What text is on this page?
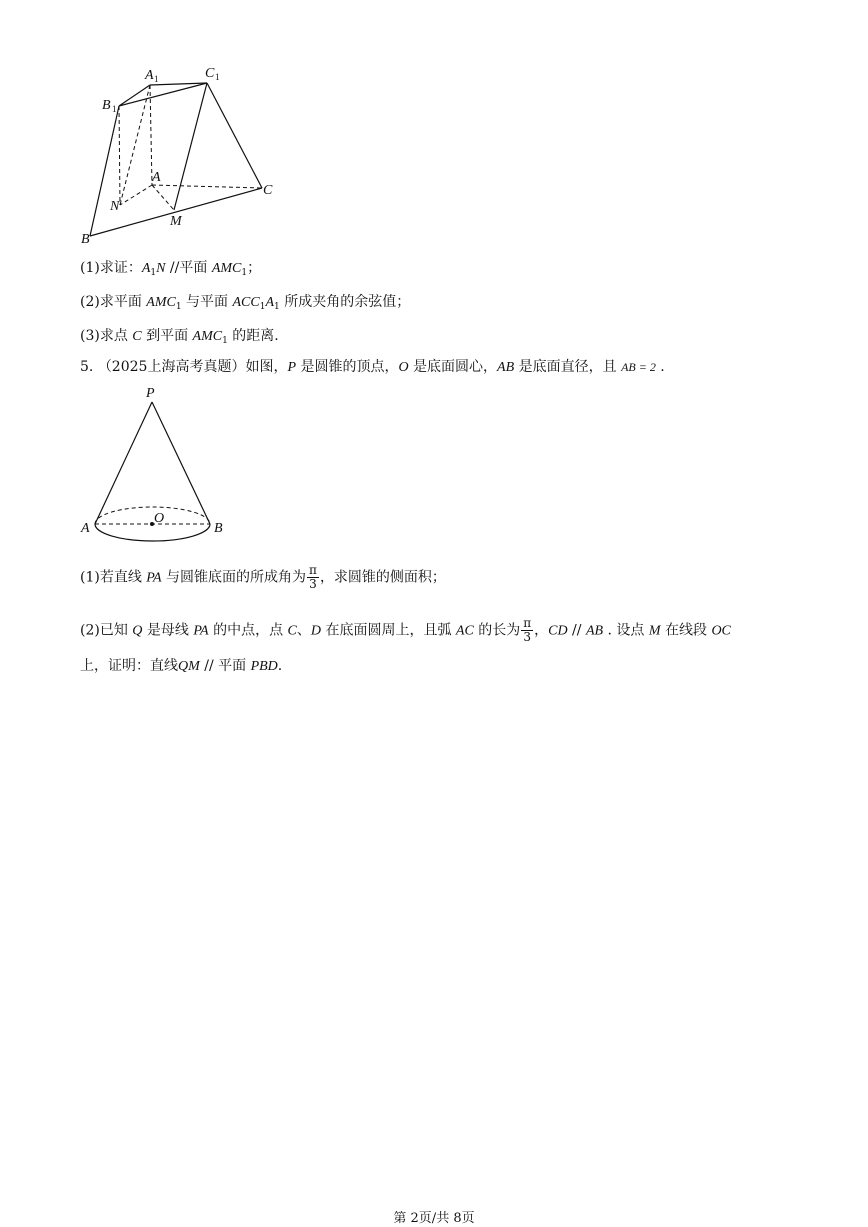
A 1	C 1
B 1
A
C
N
M
B
(1)求证：$A_1N$ //平面 $AMC_1$；
(2)求平面 $AMC_1$ 与平面 $ACC_1A_1$ 所成夹角的余弦值；
(3)求点 C 到平面 $AMC_1$ 的距离.
5. （2025上海高考真题）如图，P 是圆锥的顶点，O 是底面圆心，AB 是底面直径，且 AB = 2 .
P
A	B
O
(1)若直线 PA 与圆锥底面的所成角为 $\frac{\pi}{3}$ ，求圆锥的侧面积；
(2)已知 Q 是母线 PA 的中点，点 C、D 在底面圆周上，且弧 AC 的长为 $\frac{\pi}{3}$ ，CD // AB . 设点 M 在线段 OC
上，证明：直线QM // 平面 PBD.
第 2页/共 8页
